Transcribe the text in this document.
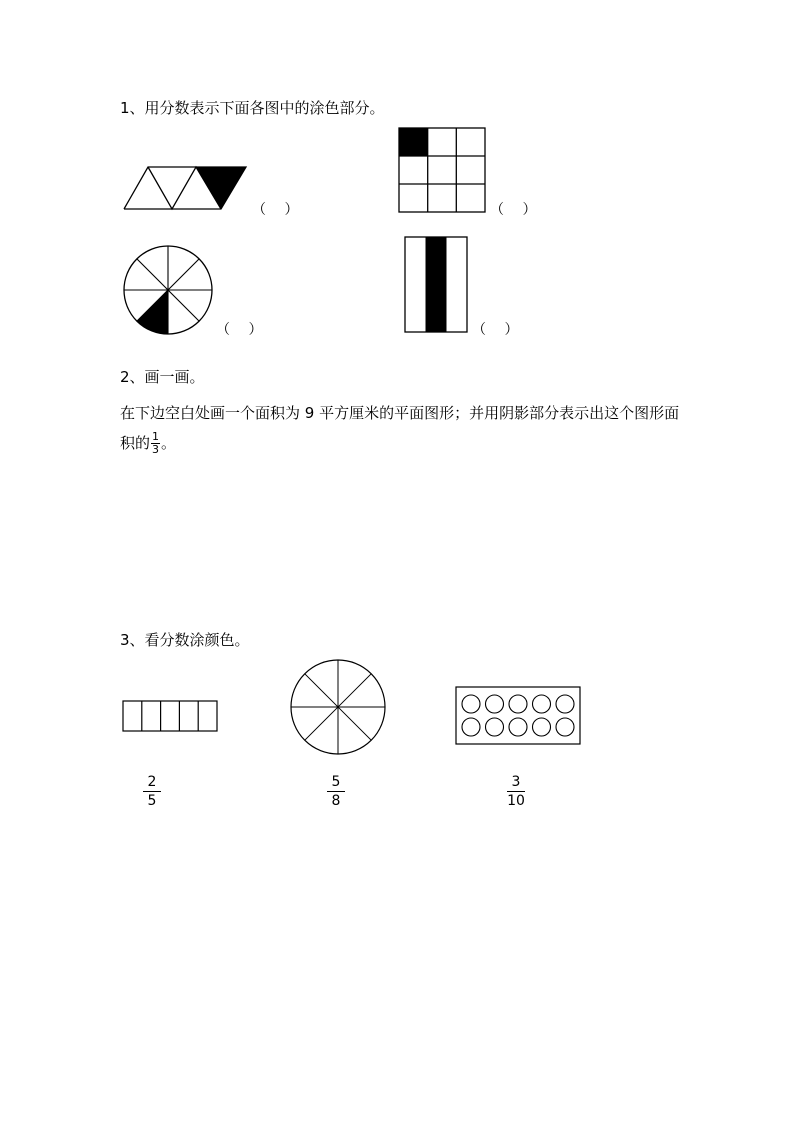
1、用分数表示下面各图中的涂色部分。
（　 ）	（　 ）
（　 ）	（　 ）
2、画一画。
在下边空白处画一个面积为 9 平方厘米的平面图形；并用阴影部分表示出这个图形面积的 $\frac{1}{3}$ 。
3、看分数涂颜色。
$\frac{2}{5}$	$\frac{5}{8}$	$\frac{3}{10}$
